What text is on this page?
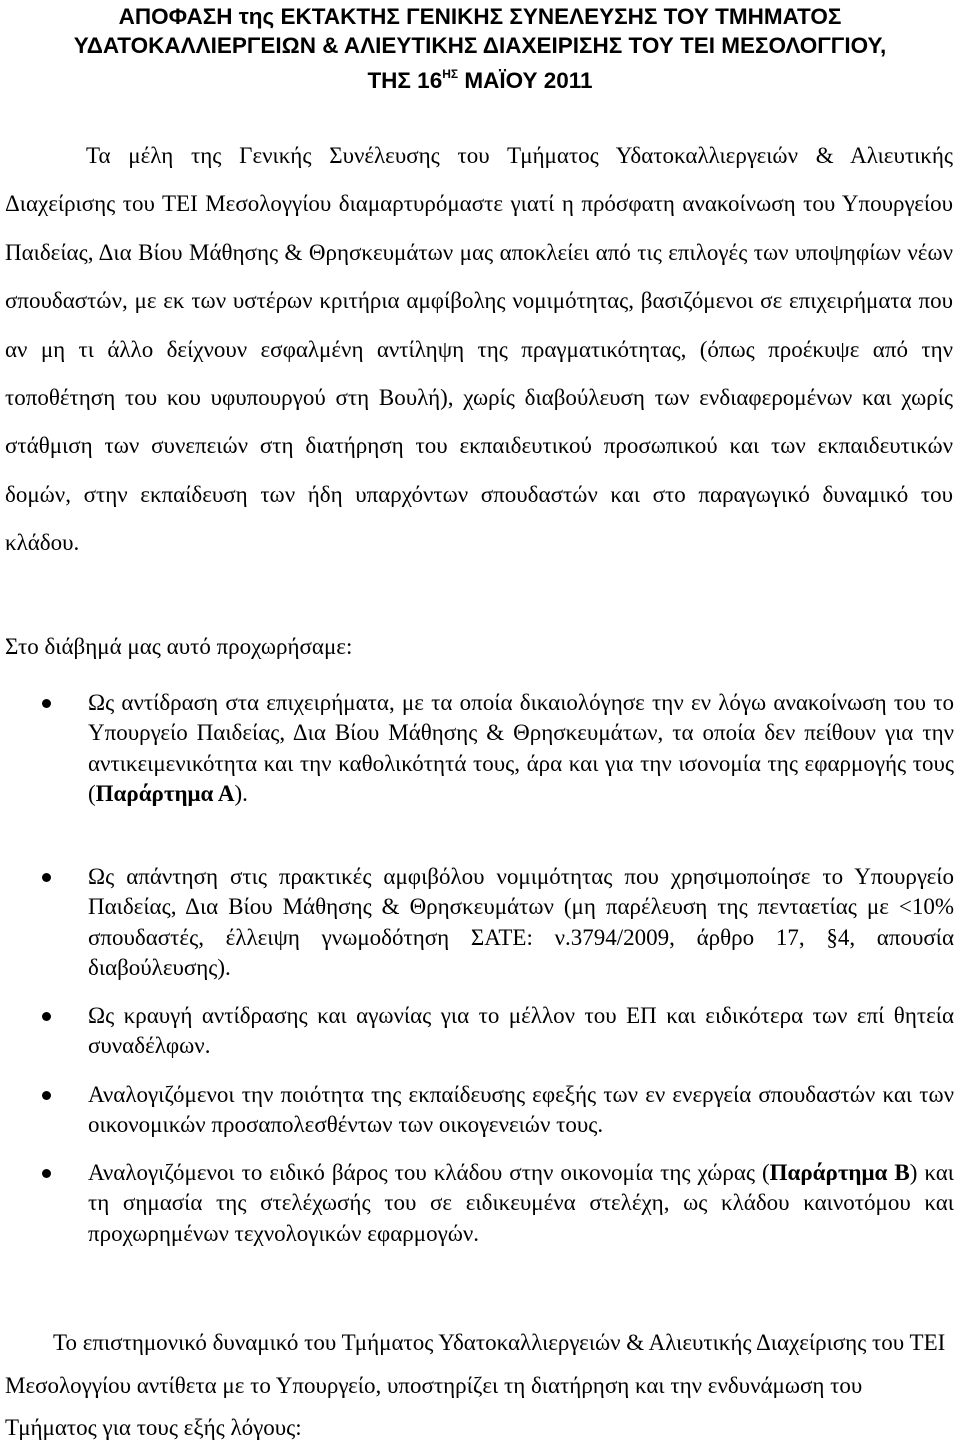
ΑΠΟΦΑΣΗ της ΕΚΤΑΚΤΗΣ ΓΕΝΙΚΗΣ ΣΥΝΕΛΕΥΣΗΣ ΤΟΥ ΤΜΗΜΑΤΟΣ
ΥΔΑΤΟΚΑΛΛΙΕΡΓΕΙΩΝ & ΑΛΙΕΥΤΙΚΗΣ ΔΙΑΧΕΙΡΙΣΗΣ ΤΟΥ ΤΕΙ ΜΕΣΟΛΟΓΓΙΟΥ,
ΤΗΣ $16^{H\Sigma}$ ΜΑΪΟΥ 2011

Τα μέλη της Γενικής Συνέλευσης του Τμήματος Υδατοκαλλιεργειών & Αλιευτικής Διαχείρισης του ΤΕΙ Μεσολογγίου διαμαρτυρόμαστε γιατί η πρόσφατη ανακοίνωση του Υπουργείου Παιδείας, Δια Βίου Μάθησης & Θρησκευμάτων μας αποκλείει από τις επιλογές των υποψηφίων νέων σπουδαστών, με εκ των υστέρων κριτήρια αμφίβολης νομιμότητας, βασιζόμενοι σε επιχειρήματα που αν μη τι άλλο δείχνουν εσφαλμένη αντίληψη της πραγματικότητας, (όπως προέκυψε από την τοποθέτηση του κου υφυπουργού στη Βουλή), χωρίς διαβούλευση των ενδιαφερομένων και χωρίς στάθμιση των συνεπειών στη διατήρηση του εκπαιδευτικού προσωπικού και των εκπαιδευτικών δομών, στην εκπαίδευση των ήδη υπαρχόντων σπουδαστών και στο παραγωγικό δυναμικό του κλάδου.

Στο διάβημά μας αυτό προχωρήσαμε:

Ως αντίδραση στα επιχειρήματα, με τα οποία δικαιολόγησε την εν λόγω ανακοίνωση του το Υπουργείο Παιδείας, Δια Βίου Μάθησης & Θρησκευμάτων, τα οποία δεν πείθουν για την αντικειμενικότητα και την καθολικότητά τους, άρα και για την ισονομία της εφαρμογής τους (Παράρτημα Α).
Ως απάντηση στις πρακτικές αμφιβόλου νομιμότητας που χρησιμοποίησε το Υπουργείο Παιδείας, Δια Βίου Μάθησης & Θρησκευμάτων (μη παρέλευση της πενταετίας με <10% σπουδαστές, έλλειψη γνωμοδότηση ΣΑΤΕ: ν.3794/2009, άρθρο 17, §4, απουσία διαβούλευσης).
Ως κραυγή αντίδρασης και αγωνίας για το μέλλον του ΕΠ και ειδικότερα των επί θητεία συναδέλφων.
Αναλογιζόμενοι την ποιότητα της εκπαίδευσης εφεξής των εν ενεργεία σπουδαστών και των οικονομικών προσαπολεσθέντων των οικογενειών τους.
Αναλογιζόμενοι το ειδικό βάρος του κλάδου στην οικονομία της χώρας (Παράρτημα Β) και τη σημασία της στελέχωσής του σε ειδικευμένα στελέχη, ως κλάδου καινοτόμου και προχωρημένων τεχνολογικών εφαρμογών.

Το επιστημονικό δυναμικό του Τμήματος Υδατοκαλλιεργειών & Αλιευτικής Διαχείρισης του ΤΕΙ Μεσολογγίου αντίθετα με το Υπουργείο, υποστηρίζει τη διατήρηση και την ενδυνάμωση του Τμήματος για τους εξής λόγους:
